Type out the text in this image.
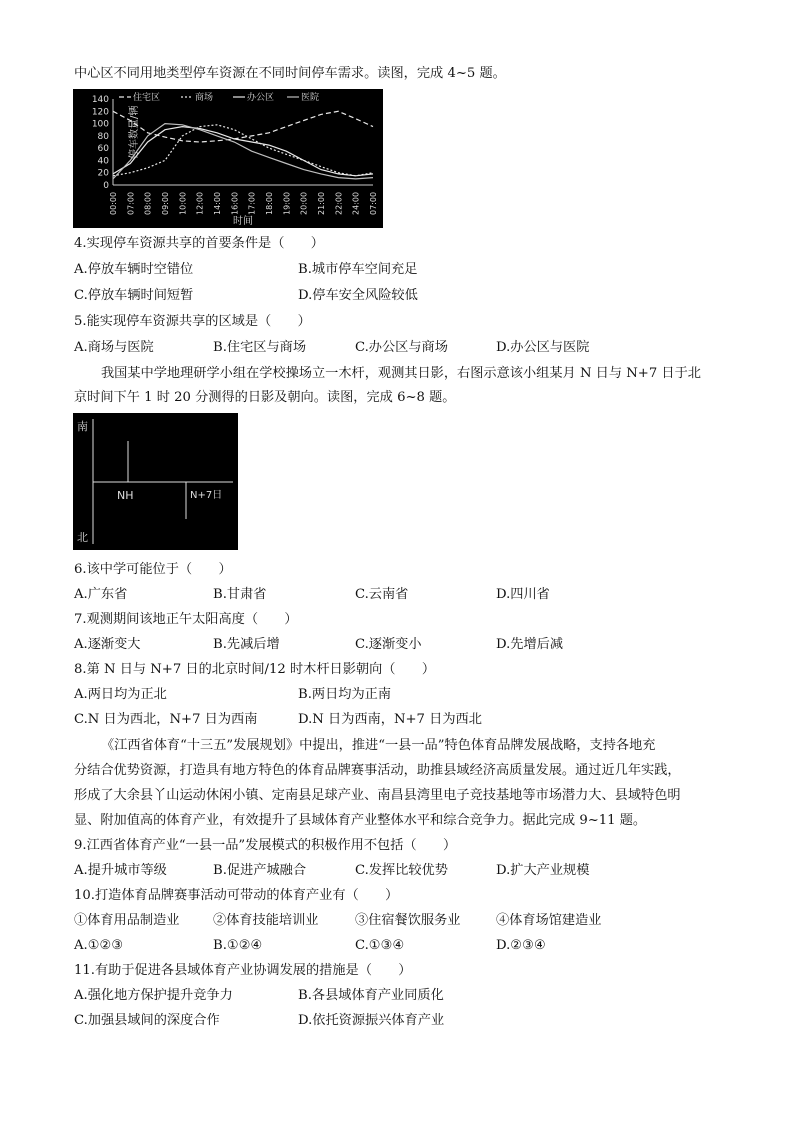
中心区不同用地类型停车资源在不同时间停车需求。读图，完成 4~5 题。
停车数量/辆
住宅区	商场	办公区	医院
0
20
40
60
80
100
120
140
00:00 07:00 08:00 09:00 10:00 12:00 14:00 16:00 17:00 18:00 19:00 20:00 21:00 22:00 24:00 07:00
时间
4.实现停车资源共享的首要条件是（　　）
A.停放车辆时空错位	B.城市停车空间充足
C.停放车辆时间短暂	D.停车安全风险较低
5.能实现停车资源共享的区域是（　　）
A.商场与医院	B.住宅区与商场	C.办公区与商场	D.办公区与医院
我国某中学地理研学小组在学校操场立一木杆，观测其日影，右图示意该小组某月 N 日与 N+7 日于北
京时间下午 1 时 20 分测得的日影及朝向。读图，完成 6~8 题。
南
北
NH	N+7日
6.该中学可能位于（　　）
A.广东省	B.甘肃省	C.云南省	D.四川省
7.观测期间该地正午太阳高度（　　）
A.逐渐变大	B.先减后增	C.逐渐变小	D.先增后减
8.第 N 日与 N+7 日的北京时间/12 时木杆日影朝向（　　）
A.两日均为正北	B.两日均为正南
C.N 日为西北，N+7 日为西南	D.N 日为西南，N+7 日为西北
《江西省体育“十三五”发展规划》中提出，推进“一县一品”特色体育品牌发展战略，支持各地充
分结合优势资源，打造具有地方特色的体育品牌赛事活动，助推县域经济高质量发展。通过近几年实践，
形成了大余县丫山运动休闲小镇、定南县足球产业、南昌县湾里电子竞技基地等市场潜力大、县域特色明
显、附加值高的体育产业，有效提升了县域体育产业整体水平和综合竞争力。据此完成 9~11 题。
9.江西省体育产业“一县一品”发展模式的积极作用不包括（　　）
A.提升城市等级	B.促进产城融合	C.发挥比较优势	D.扩大产业规模
10.打造体育品牌赛事活动可带动的体育产业有（　　）
①体育用品制造业	②体育技能培训业	③住宿餐饮服务业	④体育场馆建造业
A.①②③	B.①②④	C.①③④	D.②③④
11.有助于促进各县域体育产业协调发展的措施是（　　）
A.强化地方保护提升竞争力	B.各县域体育产业同质化
C.加强县域间的深度合作	D.依托资源振兴体育产业
